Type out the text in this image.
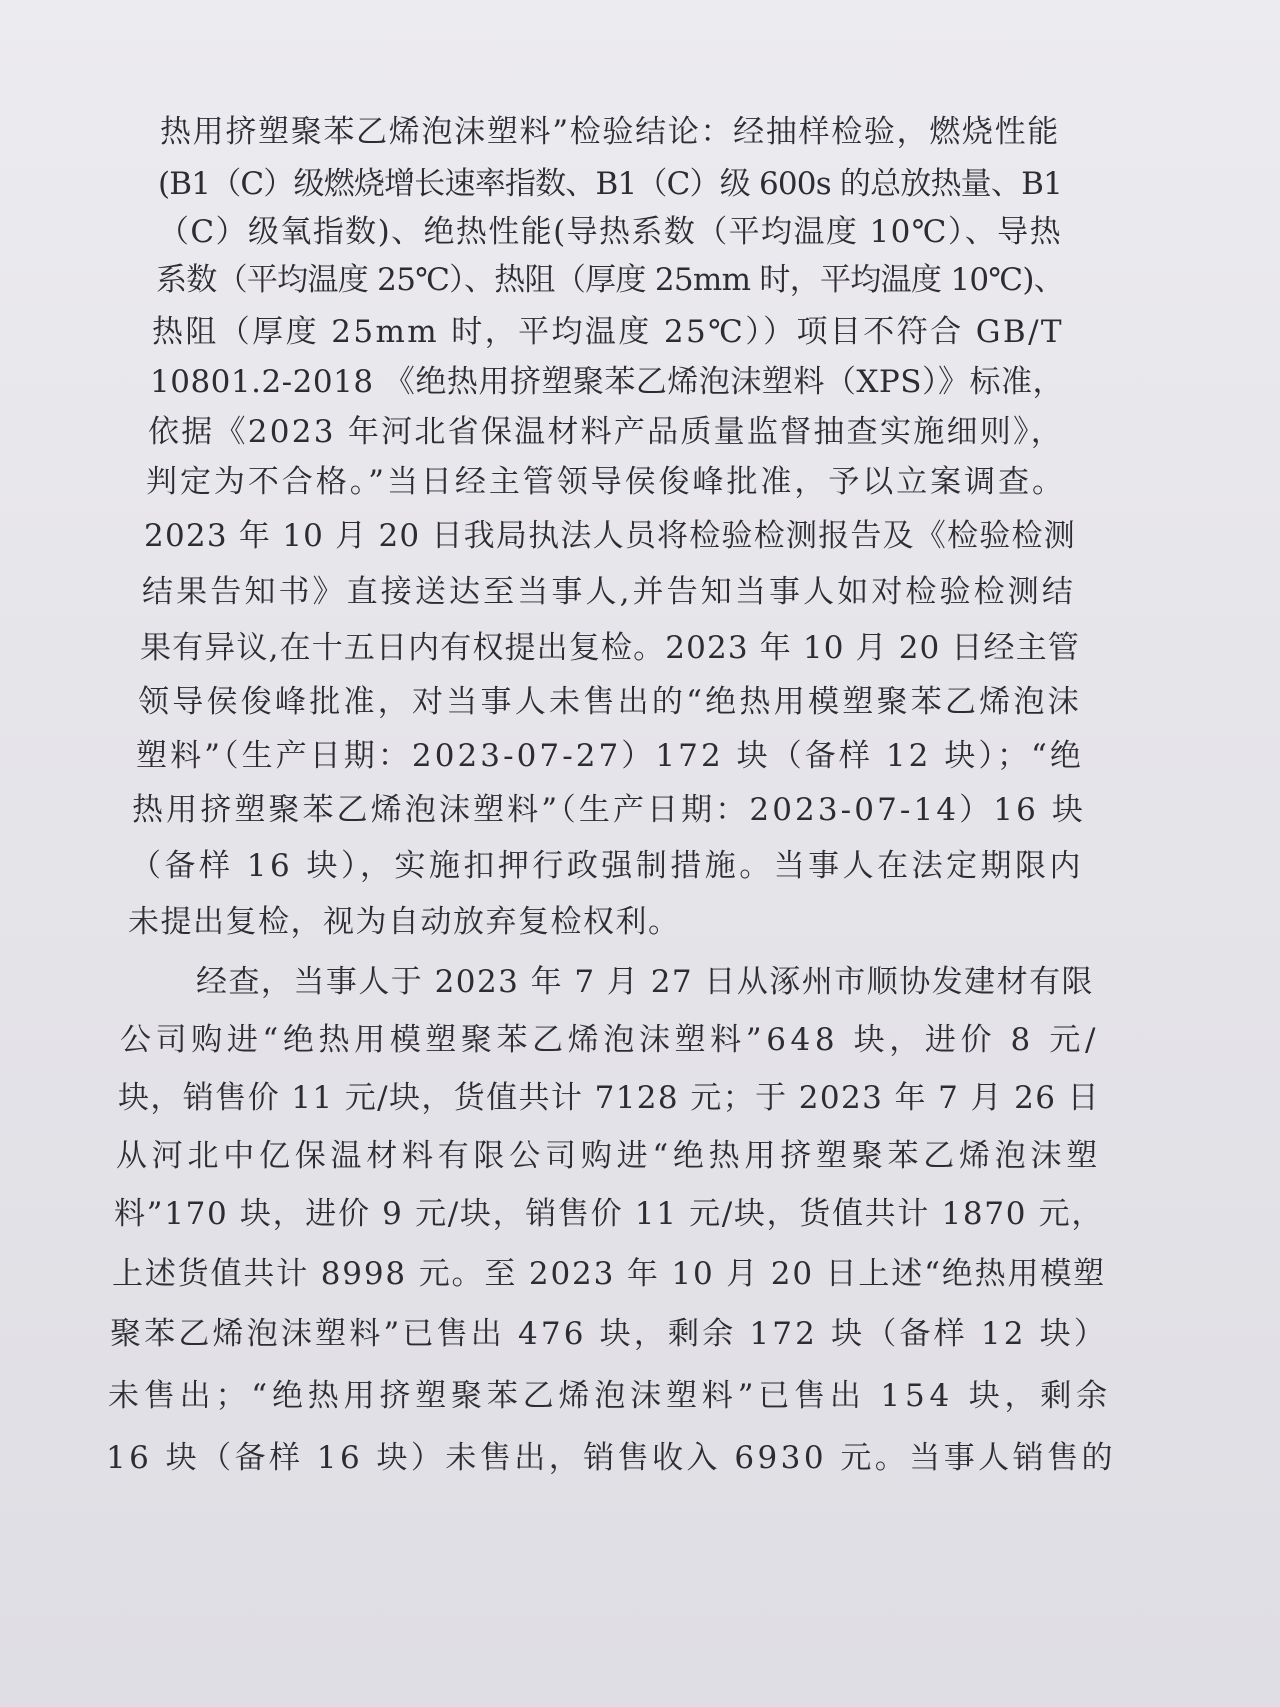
热用挤塑聚苯乙烯泡沫塑料”检验结论：经抽样检验，燃烧性能
(B1（C）级燃烧增长速率指数、B1（C）级 600s 的总放热量、B1
（C）级氧指数)、绝热性能(导热系数（平均温度 10℃）、导热
系数（平均温度 25℃）、热阻（厚度 25mm 时，平均温度 10℃)、
热阻（厚度 25mm 时，平均温度 25℃））项目不符合 GB/T
10801.2-2018 《绝热用挤塑聚苯乙烯泡沫塑料（XPS）》标准，
依据《2023 年河北省保温材料产品质量监督抽查实施细则》，
判定为不合格。”当日经主管领导侯俊峰批准，予以立案调查。
2023 年 10 月 20 日我局执法人员将检验检测报告及《检验检测
结果告知书》直接送达至当事人,并告知当事人如对检验检测结
果有异议,在十五日内有权提出复检。2023 年 10 月 20 日经主管
领导侯俊峰批准，对当事人未售出的“绝热用模塑聚苯乙烯泡沫
塑料”（生产日期：2023-07-27）172 块（备样 12 块）；“绝
热用挤塑聚苯乙烯泡沫塑料”（生产日期：2023-07-14）16 块
（备样 16 块），实施扣押行政强制措施。当事人在法定期限内
未提出复检，视为自动放弃复检权利。
经查，当事人于 2023 年 7 月 27 日从涿州市顺协发建材有限
公司购进“绝热用模塑聚苯乙烯泡沫塑料”648 块，进价 8 元/
块，销售价 11 元/块，货值共计 7128 元；于 2023 年 7 月 26 日
从河北中亿保温材料有限公司购进“绝热用挤塑聚苯乙烯泡沫塑
料”170 块，进价 9 元/块，销售价 11 元/块，货值共计 1870 元，
上述货值共计 8998 元。至 2023 年 10 月 20 日上述“绝热用模塑
聚苯乙烯泡沫塑料”已售出 476 块，剩余 172 块（备样 12 块）
未售出；“绝热用挤塑聚苯乙烯泡沫塑料”已售出 154 块，剩余
16 块（备样 16 块）未售出，销售收入 6930 元。当事人销售的
